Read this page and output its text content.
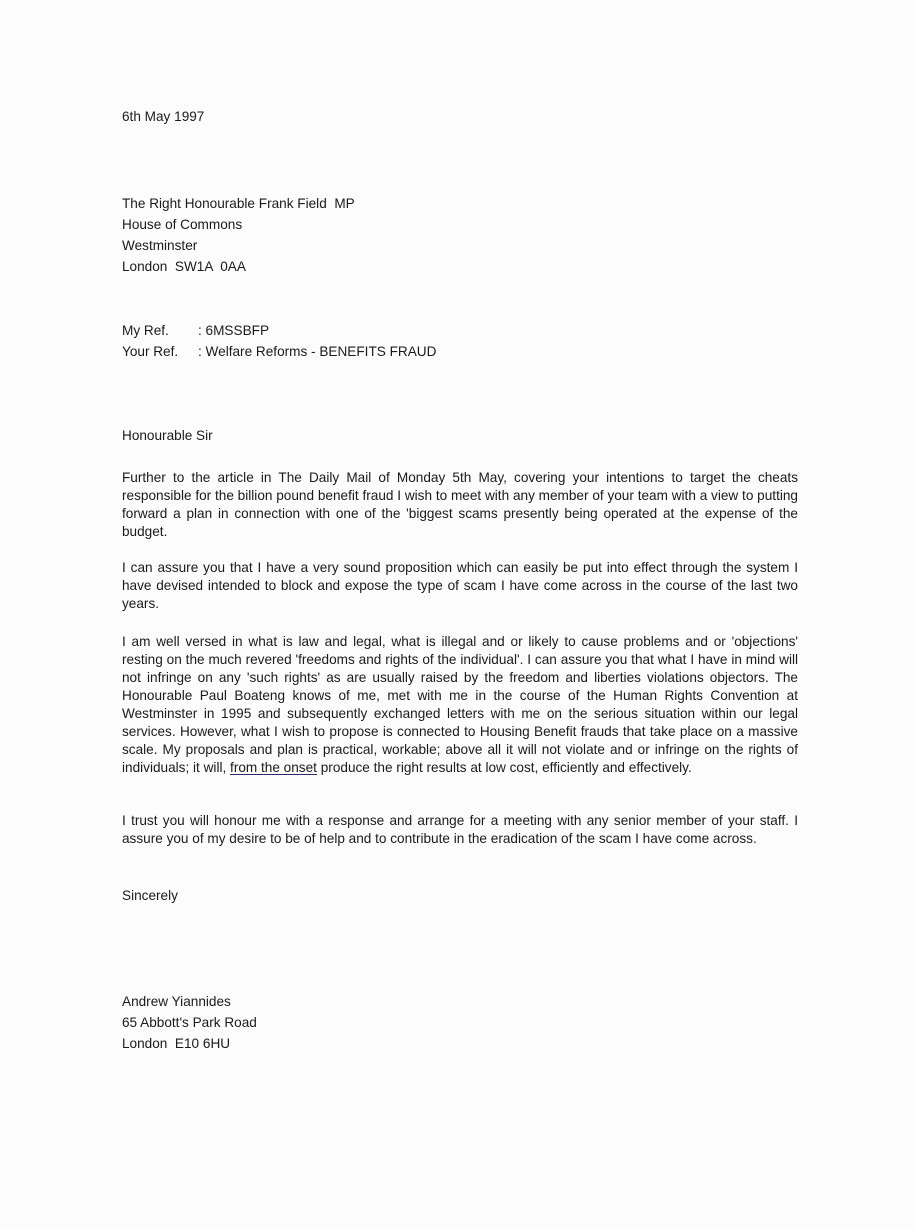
6th May 1997

The Right Honourable Frank Field  MP
House of Commons
Westminster
London  SW1A  0AA
My Ref.	: 6MSSBFP
Your Ref.	: Welfare Reforms - BENEFITS FRAUD

Honourable Sir

Further to the article in The Daily Mail of Monday 5th May, covering your intentions to target the cheats responsible for the billion pound benefit fraud I wish to meet with any member of your team with a view to putting forward a plan in connection with one of the 'biggest scams presently being operated at the expense of the budget.

I can assure you that I have a very sound proposition which can easily be put into effect through the system I have devised intended to block and expose the type of scam I have come across in the course of the last two years.

I am well versed in what is law and legal, what is illegal and or likely to cause problems and or 'objections' resting on the much revered 'freedoms and rights of the individual'. I can assure you that what I have in mind will not infringe on any 'such rights' as are usually raised by the freedom and liberties violations objectors. The Honourable Paul Boateng knows of me, met with me in the course of the Human Rights Convention at Westminster in 1995 and subsequently exchanged letters with me on the serious situation within our legal services. However, what I wish to propose is connected to Housing Benefit frauds that take place on a massive scale. My proposals and plan is practical, workable; above all it will not violate and or infringe on the rights of individuals; it will, from the onset produce the right results at low cost, efficiently and effectively.

I trust you will honour me with a response and arrange for a meeting with any senior member of your staff. I assure you of my desire to be of help and to contribute in the eradication of the scam I have come across.

Sincerely

Andrew Yiannides
65 Abbott's Park Road
London  E10 6HU
